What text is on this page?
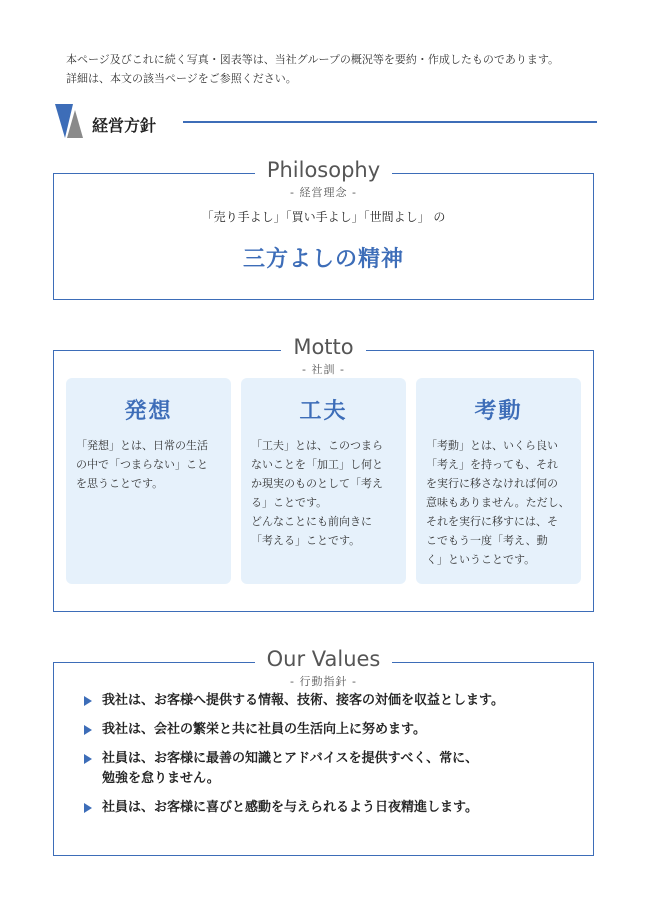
本ページ及びこれに続く写真・図表等は、当社グループの概況等を要約・作成したものであります。

詳細は、本文の該当ページをご参照ください。

経営方針
Philosophy
- 経営理念 -
「売り手よし」「買い手よし」「世間よし」 の
三方よしの精神
Motto
- 社訓 -
発想
「発想」とは、日常の生活
の中で「つまらない」こと
を思うことです。
工夫
「工夫」とは、このつまら
ないことを「加工」し何と
か現実のものとして「考え
る」ことです。
どんなことにも前向きに
「考える」ことです。
考動
「考動」とは、いくら良い
「考え」を持っても、それ
を実行に移さなければ何の
意味もありません。ただし、
それを実行に移すには、そ
こでもう一度「考え、動
く」ということです。
Our Values
- 行動指針 -
我社は、お客様へ提供する情報、技術、接客の対価を収益とします。
我社は、会社の繁栄と共に社員の生活向上に努めます。
社員は、お客様に最善の知識とアドバイスを提供すべく、常に、
勉強を怠りません。
社員は、お客様に喜びと感動を与えられるよう日夜精進します。
